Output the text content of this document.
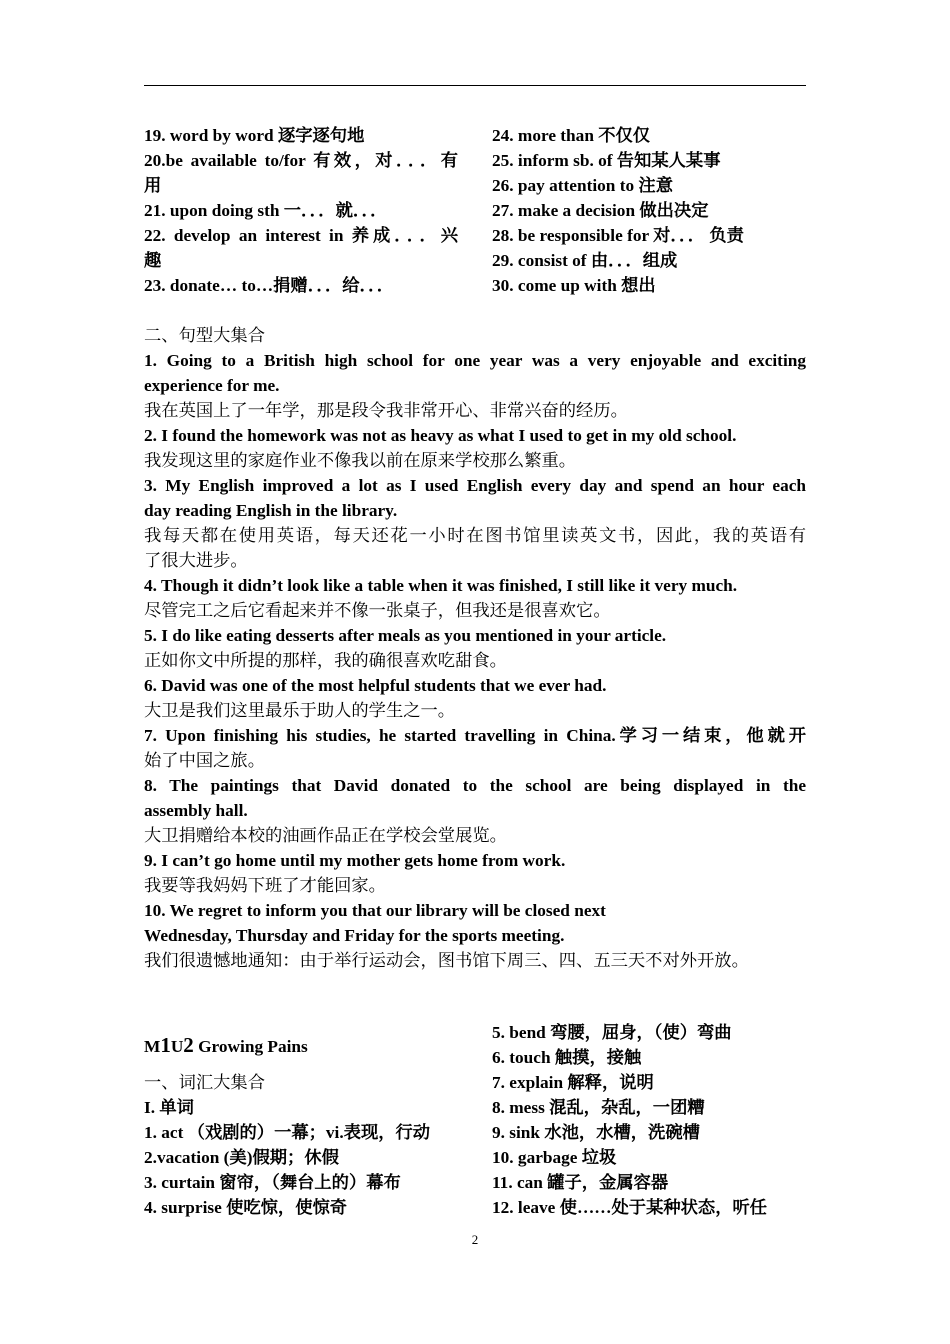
19. word by word 逐字逐句地
20.be available to/for 有效，对．．．有
用
21. upon doing sth 一．．．就．．．
22. develop an interest in 养成．．．兴
趣
23. donate… to…捐赠．．．给．．．
24. more than 不仅仅
25. inform sb. of 告知某人某事
26. pay attention to 注意
27. make a decision 做出决定
28. be responsible for 对．．． 负责
29. consist of 由．．．组成
30. come up with 想出
二、句型大集合
1. Going to a British high school for one year was a very enjoyable and exciting
experience for me.
我在英国上了一年学，那是段令我非常开心、非常兴奋的经历。
2. I found the homework was not as heavy as what I used to get in my old school.
我发现这里的家庭作业不像我以前在原来学校那么繁重。
3. My English improved a lot as I used English every day and spend an hour each
day reading English in the library.
我每天都在使用英语，每天还花一小时在图书馆里读英文书，因此，我的英语有
了很大进步。
4. Though it didn’t look like a table when it was finished, I still like it very much.
尽管完工之后它看起来并不像一张桌子，但我还是很喜欢它。
5. I do like eating desserts after meals as you mentioned in your article.
正如你文中所提的那样，我的确很喜欢吃甜食。
6. David was one of the most helpful students that we ever had.
大卫是我们这里最乐于助人的学生之一。
7. Upon finishing his studies, he started travelling in China.学习一结束，他就开
始了中国之旅。
8. The paintings that David donated to the school are being displayed in the
assembly hall.
大卫捐赠给本校的油画作品正在学校会堂展览。
9. I can’t go home until my mother gets home from work.
我要等我妈妈下班了才能回家。
10. We regret to inform you that our library will be closed next
Wednesday, Thursday and Friday for the sports meeting.
我们很遗憾地通知：由于举行运动会，图书馆下周三、四、五三天不对外开放。
M1U2 Growing Pains
一、词汇大集合
I. 单词
1. act （戏剧的）一幕；vi.表现，行动
2.vacation (美)假期；休假
3. curtain 窗帘，（舞台上的）幕布
4. surprise 使吃惊，使惊奇
5. bend 弯腰，屈身，（使）弯曲
6. touch 触摸，接触
7. explain 解释，说明
8. mess 混乱，杂乱，一团糟
9. sink 水池，水槽，洗碗槽
10. garbage 垃圾
11. can 罐子，金属容器
12. leave 使……处于某种状态，听任
2
